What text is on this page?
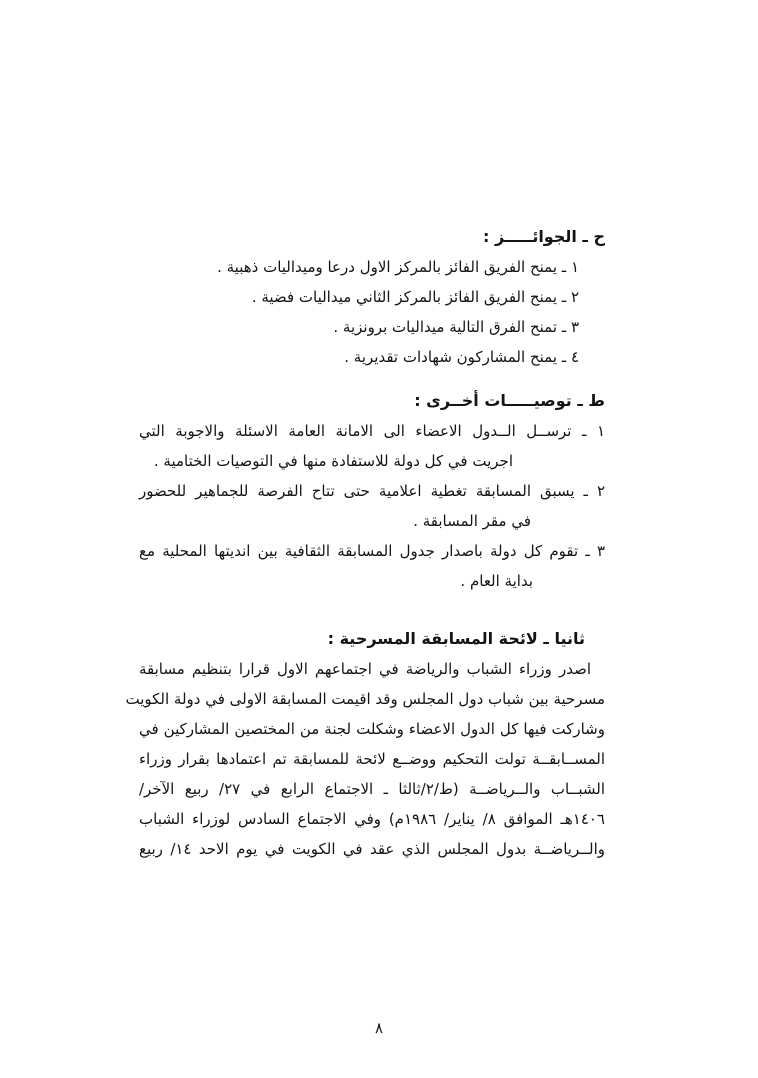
ح ـ الجوائـــــز :
١ ـ يمنح الفريق الفائز بالمركز الاول درعا وميداليات ذهبية .
٢ ـ يمنح الفريق الفائز بالمركز الثاني ميداليات فضية .
٣ ـ تمنح الفرق التالية ميداليات برونزية .
٤ ـ يمنح المشاركون شهادات تقديرية .
ط ـ توصيـــــات أخــرى :
١ ـ ترســل الــدول الاعضاء الى الامانة العامة الاسئلة والاجوبة التي
اجريت في كل دولة للاستفادة منها في التوصيات الختامية .
٢ ـ يسبق المسابقة تغطية اعلامية حتى تتاح الفرصة للجماهير للحضور
في مقر المسابقة .
٣ ـ تقوم كل دولة باصدار جدول المسابقة الثقافية بين انديتها المحلية مع
بداية العام .
ثانيا ـ لائحة المسابقة المسرحية :
اصدر وزراء الشباب والرياضة في اجتماعهم الاول قرارا بتنظيم مسابقة
مسرحية بين شباب دول المجلس وقد اقيمت المسابقة الاولى في دولة الكويت
وشاركت فيها كل الدول الاعضاء وشكلت لجنة من المختصين المشاركين في
المســابقــة تولت التحكيم ووضــع لائحة للمسابقة تم اعتمادها بقرار وزراء
الشبــاب والــرياضــة (ط/٢/ثالثا ـ الاجتماع الرابع في ٢٧/ ربيع الآخر/
١٤٠٦هـ الموافق ٨/ يناير/ ١٩٨٦م) وفي الاجتماع السادس لوزراء الشباب
والــرياضــة بدول المجلس الذي عقد في الكويت في يوم الاحد ١٤/ ربيع
٨
